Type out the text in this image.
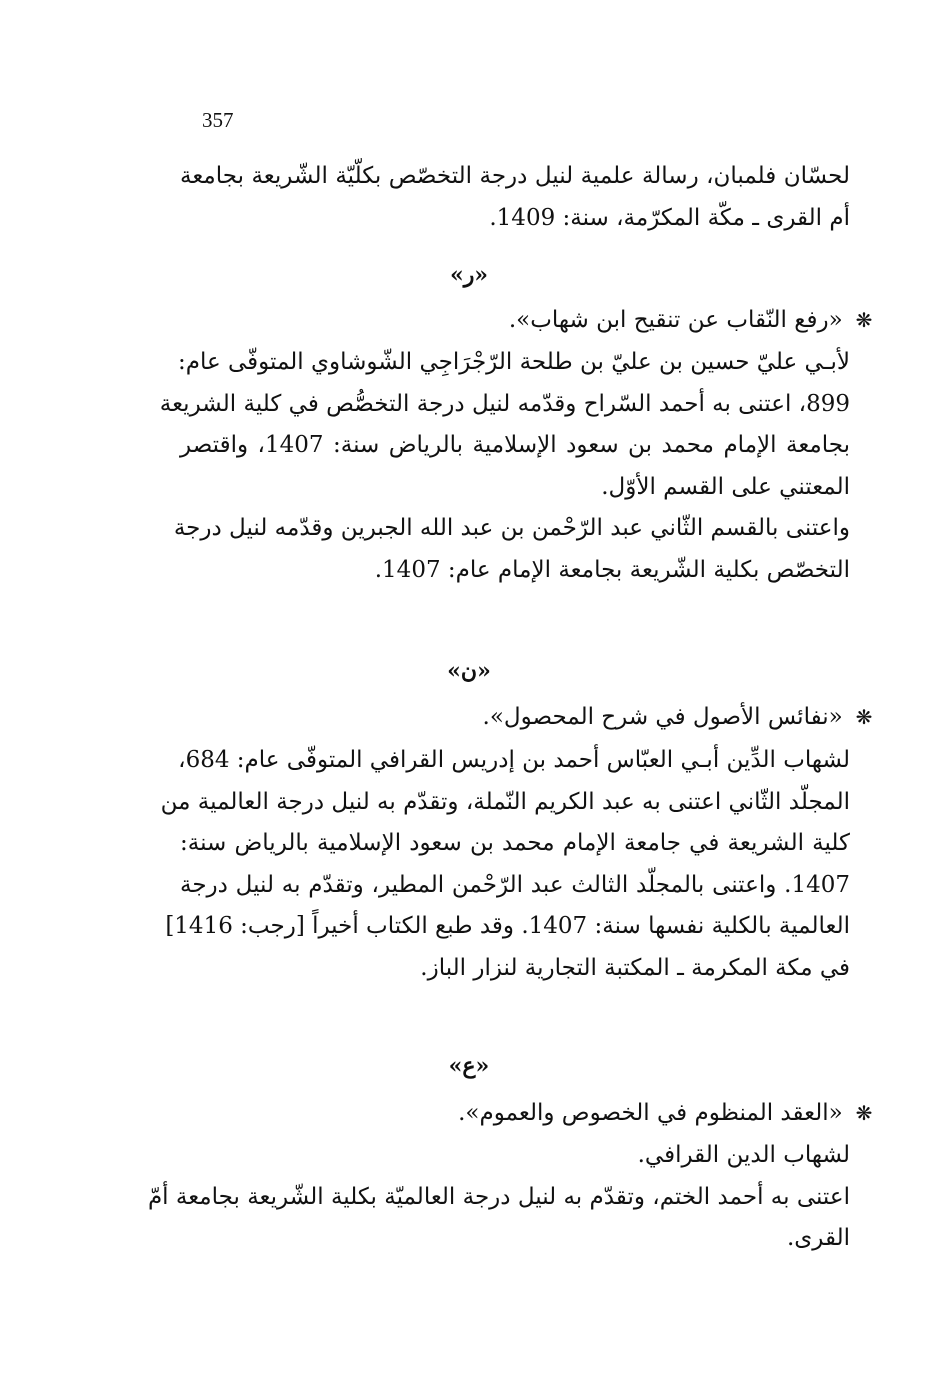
357
لحسّان فلمبان، رسالة علمية لنيل درجة التخصّص بكلّيّة الشّريعة بجامعة
أم القرى ـ مكّة المكرّمة، سنة: 1409.
«ر»
❋ «رفع النّقاب عن تنقيح ابن شهاب».
لأبـي عليّ حسين بن عليّ بن طلحة الرّجْرَاجِي الشّوشاوي المتوفّى عام:
899، اعتنى به أحمد السّراح وقدّمه لنيل درجة التخصُّص في كلية الشريعة
بجامعة الإمام محمد بن سعود الإسلامية بالرياض سنة: 1407، واقتصر
المعتني على القسم الأوّل.
واعتنى بالقسم الثّاني عبد الرّحْمن بن عبد الله الجبرين وقدّمه لنيل درجة
التخصّص بكلية الشّريعة بجامعة الإمام عام: 1407.
«ن»
❋ «نفائس الأصول في شرح المحصول».
لشهاب الدِّين أبـي العبّاس أحمد بن إدريس القرافي المتوفّى عام: 684،
المجلّد الثّاني اعتنى به عبد الكريم النّملة، وتقدّم به لنيل درجة العالمية من
كلية الشريعة في جامعة الإمام محمد بن سعود الإسلامية بالرياض سنة:
1407. واعتنى بالمجلّد الثالث عبد الرّحْمن المطير، وتقدّم به لنيل درجة
العالمية بالكلية نفسها سنة: 1407. وقد طبع الكتاب أخيراً [رجب: 1416]
في مكة المكرمة ـ المكتبة التجارية لنزار الباز.
«ع»
❋ «العقد المنظوم في الخصوص والعموم».
لشهاب الدين القرافي.
اعتنى به أحمد الختم، وتقدّم به لنيل درجة العالميّة بكلية الشّريعة بجامعة أمّ
القرى.
